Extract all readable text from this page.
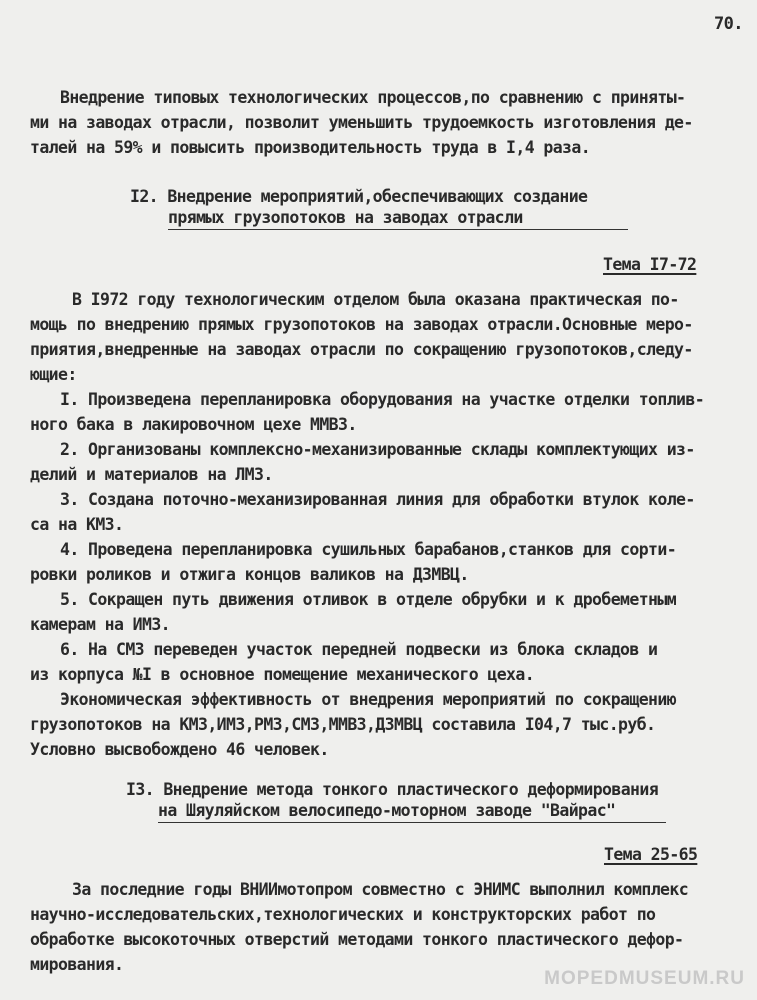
70.
Внедрение типовых технологических процессов,по сравнению с приняты-
ми на заводах отрасли, позволит уменьшить трудоемкость изготовления де-
талей на 59% и повысить производительность труда в I,4 раза.
I2. Внедрение мероприятий,обеспечивающих создание
прямых грузопотоков на заводах отрасли
Тема I7-72
В I972 году технологическим отделом была оказана практическая по-
мощь по внедрению прямых грузопотоков на заводах отрасли.Основные меро-
приятия,внедренные на заводах отрасли по сокращению грузопотоков,следу-
ющие:
I. Произведена перепланировка оборудования на участке отделки топлив-
ного бака в лакировочном цехе ММВЗ.
2. Организованы комплексно-механизированные склады комплектующих из-
делий и материалов на ЛМЗ.
3. Создана поточно-механизированная линия для обработки втулок коле-
са на КМЗ.
4. Проведена перепланировка сушильных барабанов,станков для сорти-
ровки роликов и отжига концов валиков на ДЗМВЦ.
5. Сокращен путь движения отливок в отделе обрубки и к дробеметным
камерам на ИМЗ.
6. На СМЗ переведен участок передней подвески из блока складов и
из корпуса №I в основное помещение механического цеха.
Экономическая эффективность от внедрения мероприятий по сокращению
грузопотоков на КМЗ,ИМЗ,РМЗ,СМЗ,ММВЗ,ДЗМВЦ составила I04,7 тыс.руб.
Условно высвобождено 46 человек.
I3. Внедрение метода тонкого пластического деформирования
на Шяуляйском велосипедо-моторном заводе "Вайрас"
Тема 25-65
За последние годы ВНИИмотопром совместно с ЭНИМС выполнил комплекс
научно-исследовательских,технологических и конструкторских работ по
обработке высокоточных отверстий методами тонкого пластического дефор-
мирования.
MOPEDMUSEUM.RU
